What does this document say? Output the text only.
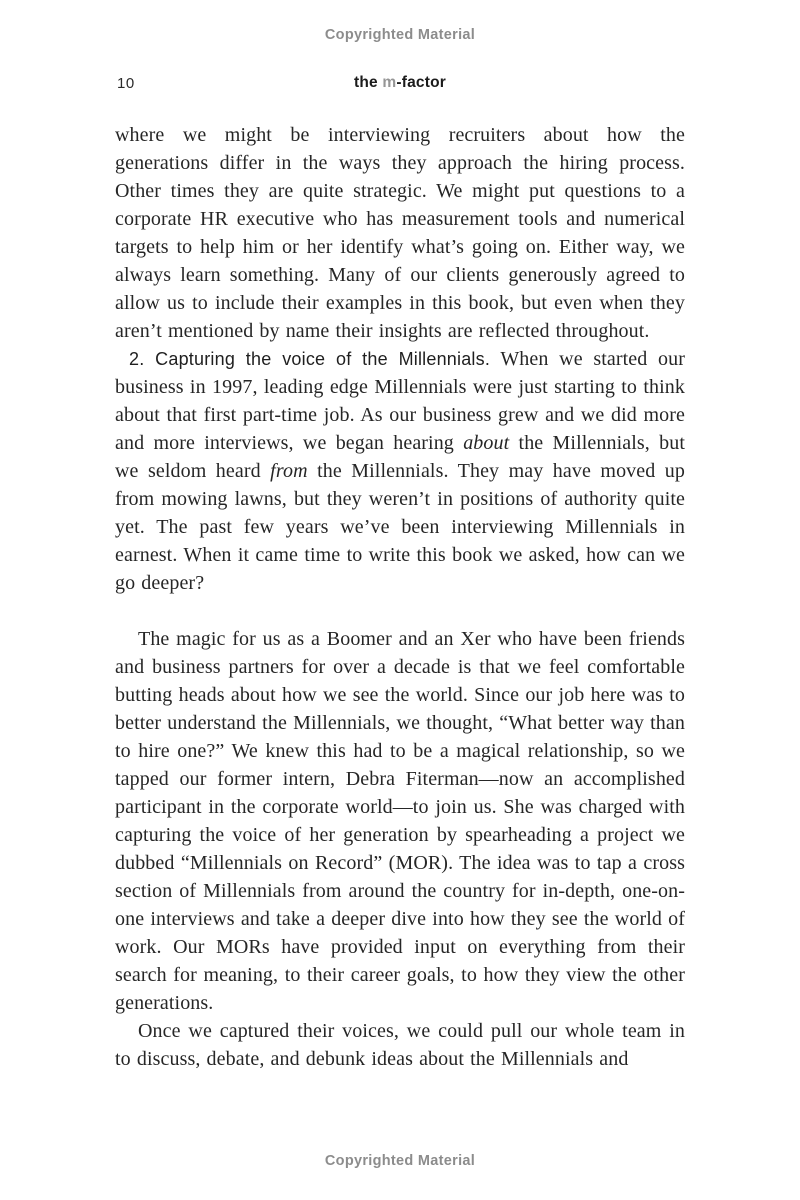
Copyrighted Material
10	the m-factor

where we might be interviewing recruiters about how the generations differ in the ways they approach the hiring process. Other times they are quite strategic. We might put questions to a corporate HR executive who has measurement tools and numerical targets to help him or her identify what’s going on. Either way, we always learn something. Many of our clients generously agreed to allow us to include their examples in this book, but even when they aren’t mentioned by name their insights are reflected throughout.

2. Capturing the voice of the Millennials. When we started our business in 1997, leading edge Millennials were just starting to think about that first part-time job. As our business grew and we did more and more interviews, we began hearing about the Millennials, but we seldom heard from the Millennials. They may have moved up from mowing lawns, but they weren’t in positions of authority quite yet. The past few years we’ve been interviewing Millennials in earnest. When it came time to write this book we asked, how can we go deeper?

The magic for us as a Boomer and an Xer who have been friends and business partners for over a decade is that we feel comfortable butting heads about how we see the world. Since our job here was to better understand the Millennials, we thought, “What better way than to hire one?” We knew this had to be a magical relationship, so we tapped our former intern, Debra Fiterman—now an accomplished participant in the corporate world—to join us. She was charged with capturing the voice of her generation by spearheading a project we dubbed “Millennials on Record” (MOR). The idea was to tap a cross section of Millennials from around the country for in-depth, one-on-one interviews and take a deeper dive into how they see the world of work. Our MORs have provided input on everything from their search for meaning, to their career goals, to how they view the other generations.

Once we captured their voices, we could pull our whole team in to discuss, debate, and debunk ideas about the Millennials and

Copyrighted Material
